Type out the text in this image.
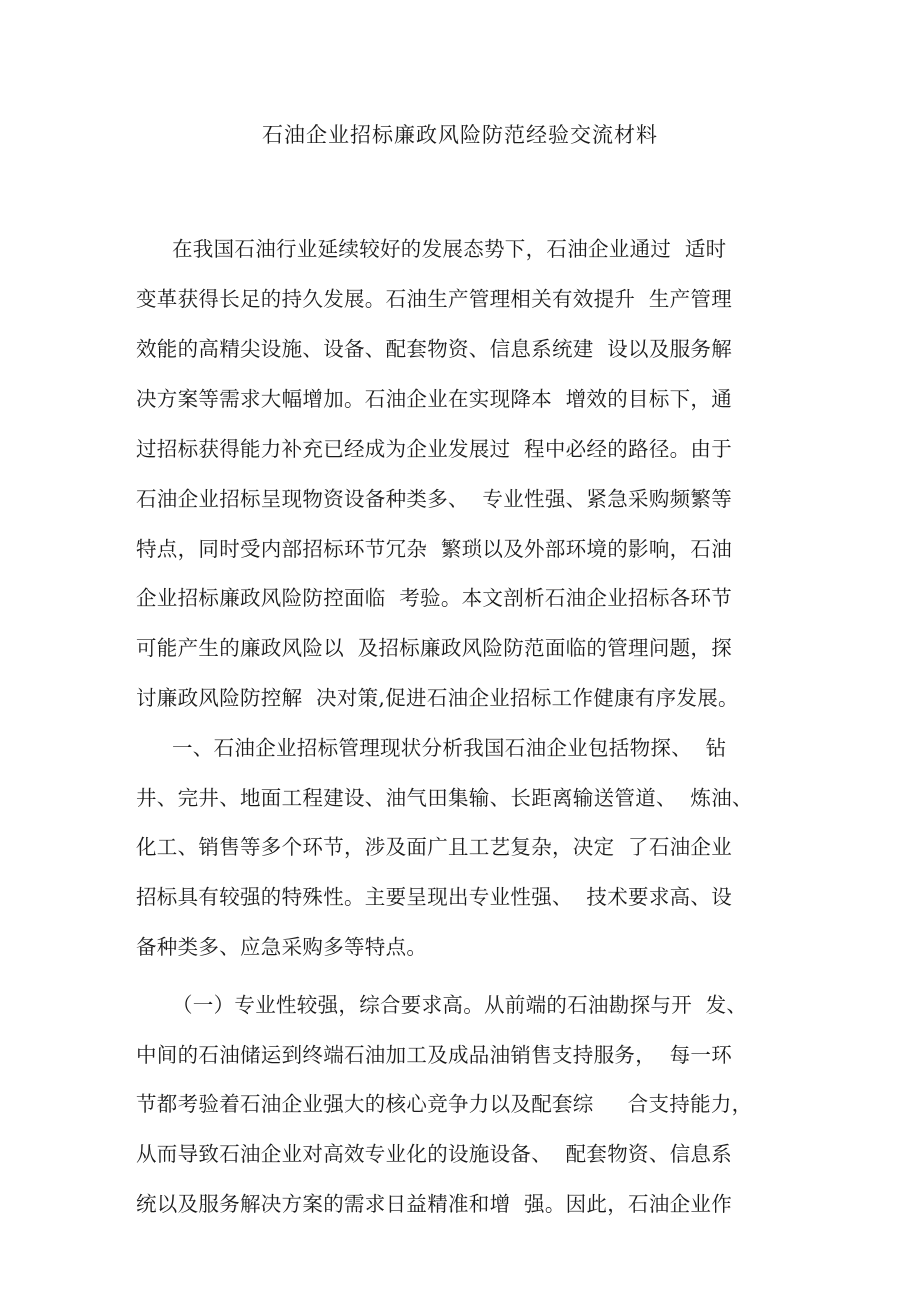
石油企业招标廉政风险防范经验交流材料
在我国石油行业延续较好的发展态势下，石油企业通过  适时
变革获得长足的持久发展。石油生产管理相关有效提升  生产管理
效能的高精尖设施、设备、配套物资、信息系统建  设以及服务解
决方案等需求大幅增加。石油企业在实现降本  增效的目标下，通
过招标获得能力补充已经成为企业发展过  程中必经的路径。由于
石油企业招标呈现物资设备种类多、  专业性强、紧急采购频繁等
特点，同时受内部招标环节冗杂  繁琐以及外部环境的影响，石油
企业招标廉政风险防控面临  考验。本文剖析石油企业招标各环节
可能产生的廉政风险以  及招标廉政风险防范面临的管理问题，探
讨廉政风险防控解  决对策,促进石油企业招标工作健康有序发展。
一、石油企业招标管理现状分析我国石油企业包括物探、  钻
井、完井、地面工程建设、油气田集输、长距离输送管道、  炼油、
化工、销售等多个环节，涉及面广且工艺复杂，决定  了石油企业
招标具有较强的特殊性。主要呈现出专业性强、  技术要求高、设
备种类多、应急采购多等特点。
（一）专业性较强，综合要求高。从前端的石油勘探与开  发、
中间的石油储运到终端石油加工及成品油销售支持服务，  每一环
节都考验着石油企业强大的核心竞争力以及配套综     合支持能力，
从而导致石油企业对高效专业化的设施设备、  配套物资、信息系
统以及服务解决方案的需求日益精准和增  强。因此，石油企业作
